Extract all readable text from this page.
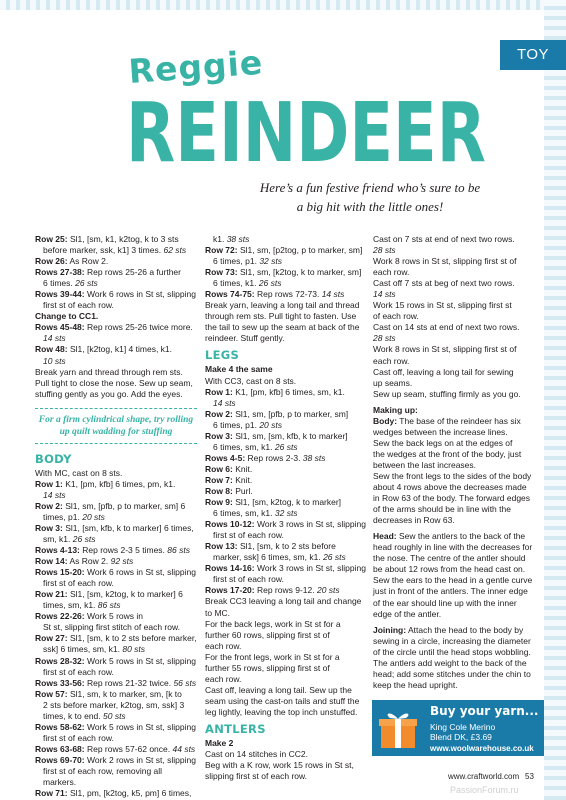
TOY
Reggie
REINDEER
Here’s a fun festive friend who’s sure to be
a big hit with the little ones!

Row 25: Sl1, [sm, k1, k2tog, k to 3 sts

before marker, ssk, k1] 3 times. 62 sts

Row 26: As Row 2.

Rows 27-38: Rep rows 25-26 a further

6 times. 26 sts

Rows 39-44: Work 6 rows in St st, slipping

first st of each row.

Change to CC1.

Rows 45-48: Rep rows 25-26 twice more.

14 sts

Row 48: Sl1, [k2tog, k1] 4 times, k1.

10 sts

Break yarn and thread through rem sts.

Pull tight to close the nose. Sew up seam,

stuffing gently as you go. Add the eyes.

For a firm cylindrical shape, try rolling up quilt wadding for stuffing

BODY

With MC, cast on 8 sts.

Row 1: K1, [pm, kfb] 6 times, pm, k1.

14 sts

Row 2: Sl1, sm, [pfb, p to marker, sm] 6

times, p1. 20 sts

Row 3: Sl1, [sm, kfb, k to marker] 6 times,

sm, k1. 26 sts

Rows 4-13: Rep rows 2-3 5 times. 86 sts

Row 14: As Row 2. 92 sts

Rows 15-20: Work 6 rows in St st, slipping

first st of each row.

Row 21: Sl1, [sm, k2tog, k to marker] 6

times, sm, k1. 86 sts

Rows 22-26: Work 5 rows in

St st, slipping first stitch of each row.

Row 27: Sl1, [sm, k to 2 sts before marker,

ssk] 6 times, sm, k1. 80 sts

Rows 28-32: Work 5 rows in St st, slipping

first st of each row.

Rows 33-56: Rep rows 21-32 twice. 56 sts

Row 57: Sl1, sm, k to marker, sm, [k to

2 sts before marker, k2tog, sm, ssk] 3

times, k to end. 50 sts

Rows 58-62: Work 5 rows in St st, slipping

first st of each row.

Rows 63-68: Rep rows 57-62 once. 44 sts

Rows 69-70: Work 2 rows in St st, slipping

first st of each row, removing all markers.

Row 71: Sl1, pm, [k2tog, k5, pm] 6 times,

k1. 38 sts

Row 72: Sl1, sm, [p2tog, p to marker, sm]

6 times, p1. 32 sts

Row 73: Sl1, sm, [k2tog, k to marker, sm]

6 times, k1. 26 sts

Rows 74-75: Rep rows 72-73. 14 sts

Break yarn, leaving a long tail and thread

through rem sts. Pull tight to fasten. Use

the tail to sew up the seam at back of the

reindeer. Stuff gently.

LEGS

Make 4 the same

With CC3, cast on 8 sts.

Row 1: K1, [pm, kfb] 6 times, sm, k1.

14 sts

Row 2: Sl1, sm, [pfb, p to marker, sm]

6 times, p1. 20 sts

Row 3: Sl1, sm, [sm, kfb, k to marker]

6 times, sm, k1. 26 sts

Rows 4-5: Rep rows 2-3. 38 sts

Row 6: Knit.

Row 7: Knit.

Row 8: Purl.

Row 9: Sl1, [sm, k2tog, k to marker]

6 times, sm, k1. 32 sts

Rows 10-12: Work 3 rows in St st, slipping

first st of each row.

Row 13: Sl1, [sm, k to 2 sts before

marker, ssk] 6 times, sm, k1. 26 sts

Rows 14-16: Work 3 rows in St st, slipping

first st of each row.

Rows 17-20: Rep rows 9-12. 20 sts

Break CC3 leaving a long tail and change

to MC.

For the back legs, work in St st for a

further 60 rows, slipping first st of

each row.

For the front legs, work in St st for a

further 55 rows, slipping first st of

each row.

Cast off, leaving a long tail. Sew up the

seam using the cast-on tails and stuff the

leg lightly, leaving the top inch unstuffed.

ANTLERS

Make 2

Cast on 14 stitches in CC2.

Beg with a K row, work 15 rows in St st,

slipping first st of each row.

Cast on 7 sts at end of next two rows.

28 sts

Work 8 rows in St st, slipping first st of

each row.

Cast off 7 sts at beg of next two rows.

14 sts

Work 15 rows in St st, slipping first st

of each row.

Cast on 14 sts at end of next two rows.

28 sts

Work 8 rows in St st, slipping first st of

each row.

Cast off, leaving a long tail for sewing

up seams.

Sew up seam, stuffing firmly as you go.

Making up:

Body: The base of the reindeer has six

wedges between the increase lines.

Sew the back legs on at the edges of

the wedges at the front of the body, just

between the last increases.

Sew the front legs to the sides of the body

about 4 rows above the decreases made

in Row 63 of the body. The forward edges

of the arms should be in line with the

decreases in Row 63.

Head: Sew the antlers to the back of the

head roughly in line with the decreases for

the nose. The centre of the antler should

be about 12 rows from the head cast on.

Sew the ears to the head in a gentle curve

just in front of the antlers. The inner edge

of the ear should line up with the inner

edge of the antler.

Joining: Attach the head to the body by

sewing in a circle, increasing the diameter

of the circle until the head stops wobbling.

The antlers add weight to the back of the

head; add some stitches under the chin to

keep the head upright.

Buy your yarn...
King Cole Merino
Blend DK, £3.69
www.woolwarehouse.co.uk
www.craftworld.com 53
PassionForum.ru
